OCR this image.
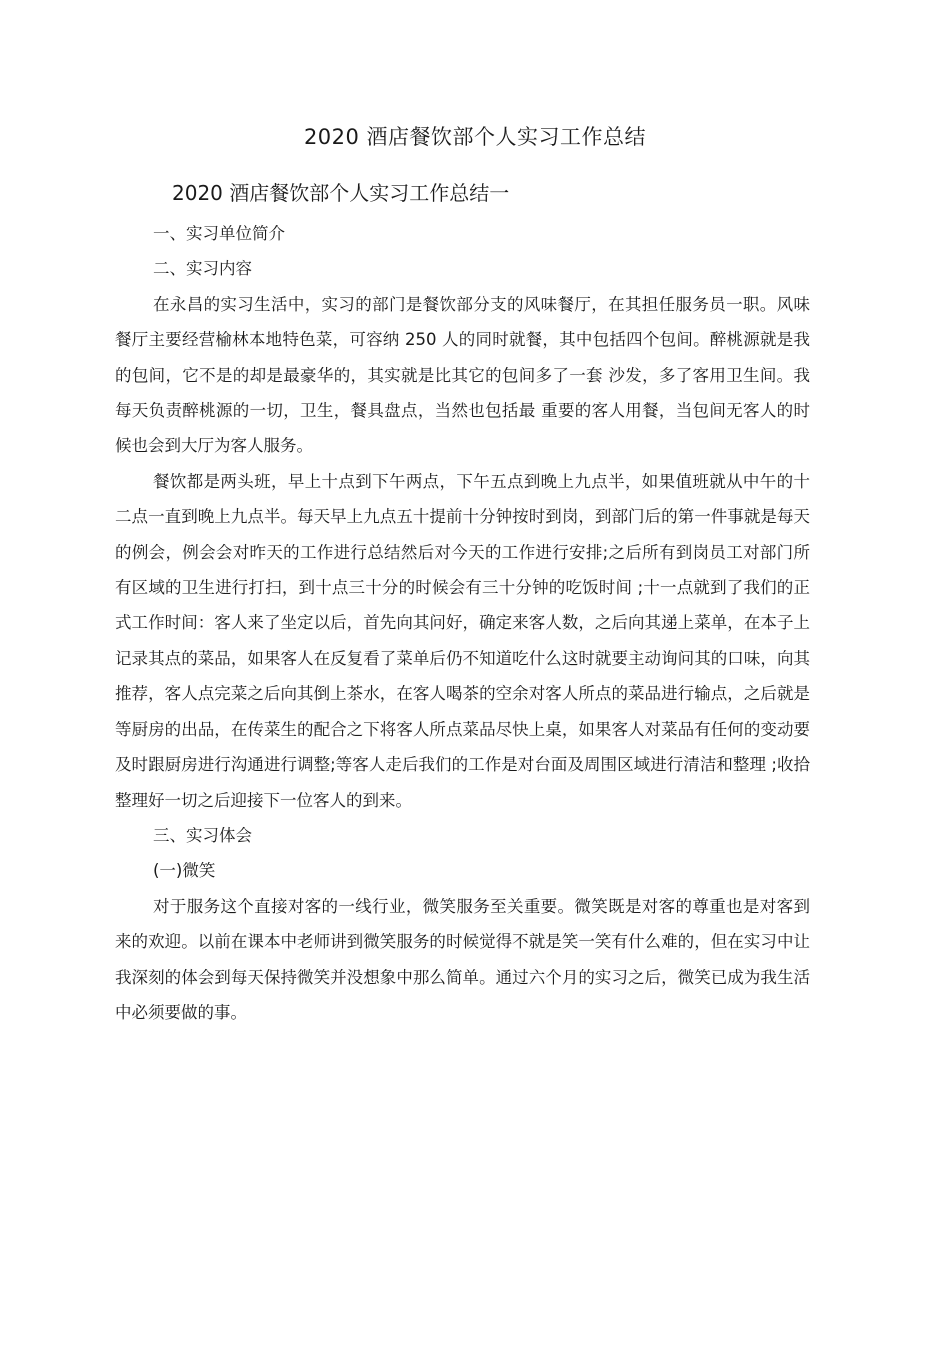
2020 酒店餐饮部个人实习工作总结
2020 酒店餐饮部个人实习工作总结一

一、实习单位简介

二、实习内容

在永昌的实习生活中，实习的部门是餐饮部分支的风味餐厅，在其担任服务员一职。风味餐厅主要经营榆林本地特色菜，可容纳 250 人的同时就餐，其中包括四个包间。醉桃源就是我的包间，它不是的却是最豪华的，其实就是比其它的包间多了一套 沙发，多了客用卫生间。我每天负责醉桃源的一切，卫生，餐具盘点，当然也包括最 重要的客人用餐，当包间无客人的时候也会到大厅为客人服务。

餐饮都是两头班，早上十点到下午两点，下午五点到晚上九点半，如果值班就从中午的十二点一直到晚上九点半。每天早上九点五十提前十分钟按时到岗，到部门后的第一件事就是每天的例会，例会会对昨天的工作进行总结然后对今天的工作进行安排;之后所有到岗员工对部门所有区域的卫生进行打扫，到十点三十分的时候会有三十分钟的吃饭时间 ;十一点就到了我们的正式工作时间：客人来了坐定以后，首先向其问好，确定来客人数，之后向其递上菜单，在本子上记录其点的菜品，如果客人在反复看了菜单后仍不知道吃什么这时就要主动询问其的口味，向其推荐，客人点完菜之后向其倒上茶水，在客人喝茶的空余对客人所点的菜品进行输点，之后就是等厨房的出品，在传菜生的配合之下将客人所点菜品尽快上桌，如果客人对菜品有任何的变动要及时跟厨房进行沟通进行调整;等客人走后我们的工作是对台面及周围区域进行清洁和整理 ;收拾整理好一切之后迎接下一位客人的到来。

三、实习体会

(一)微笑

对于服务这个直接对客的一线行业，微笑服务至关重要。微笑既是对客的尊重也是对客到来的欢迎。以前在课本中老师讲到微笑服务的时候觉得不就是笑一笑有什么难的，但在实习中让我深刻的体会到每天保持微笑并没想象中那么简单。通过六个月的实习之后，微笑已成为我生活中必须要做的事。
